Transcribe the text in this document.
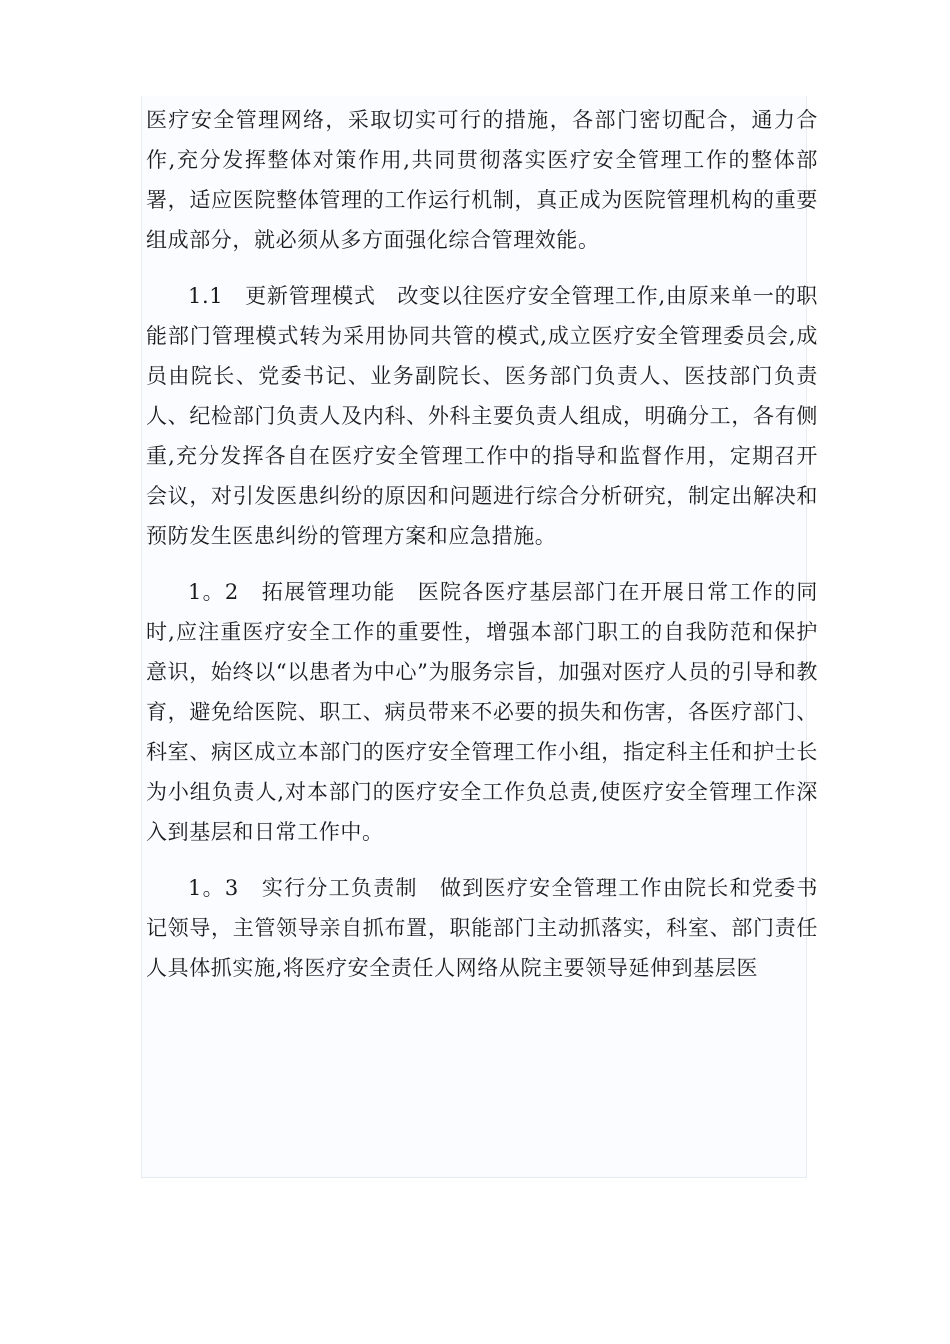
医疗安全管理网络，采取切实可行的措施，各部门密切配合，通力合作,充分发挥整体对策作用,共同贯彻落实医疗安全管理工作的整体部署，适应医院整体管理的工作运行机制，真正成为医院管理机构的重要组成部分，就必须从多方面强化综合管理效能。

1.1　更新管理模式　改变以往医疗安全管理工作,由原来单一的职能部门管理模式转为采用协同共管的模式,成立医疗安全管理委员会,成员由院长、党委书记、业务副院长、医务部门负责人、医技部门负责人、纪检部门负责人及内科、外科主要负责人组成，明确分工，各有侧重,充分发挥各自在医疗安全管理工作中的指导和监督作用，定期召开会议，对引发医患纠纷的原因和问题进行综合分析研究，制定出解决和预防发生医患纠纷的管理方案和应急措施。

1。2　拓展管理功能　医院各医疗基层部门在开展日常工作的同时,应注重医疗安全工作的重要性，增强本部门职工的自我防范和保护意识，始终以“以患者为中心”为服务宗旨，加强对医疗人员的引导和教育，避免给医院、职工、病员带来不必要的损失和伤害，各医疗部门、科室、病区成立本部门的医疗安全管理工作小组，指定科主任和护士长为小组负责人,对本部门的医疗安全工作负总责,使医疗安全管理工作深入到基层和日常工作中。

1。3　实行分工负责制　做到医疗安全管理工作由院长和党委书记领导，主管领导亲自抓布置，职能部门主动抓落实，科室、部门责任人具体抓实施,将医疗安全责任人网络从院主要领导延伸到基层医
